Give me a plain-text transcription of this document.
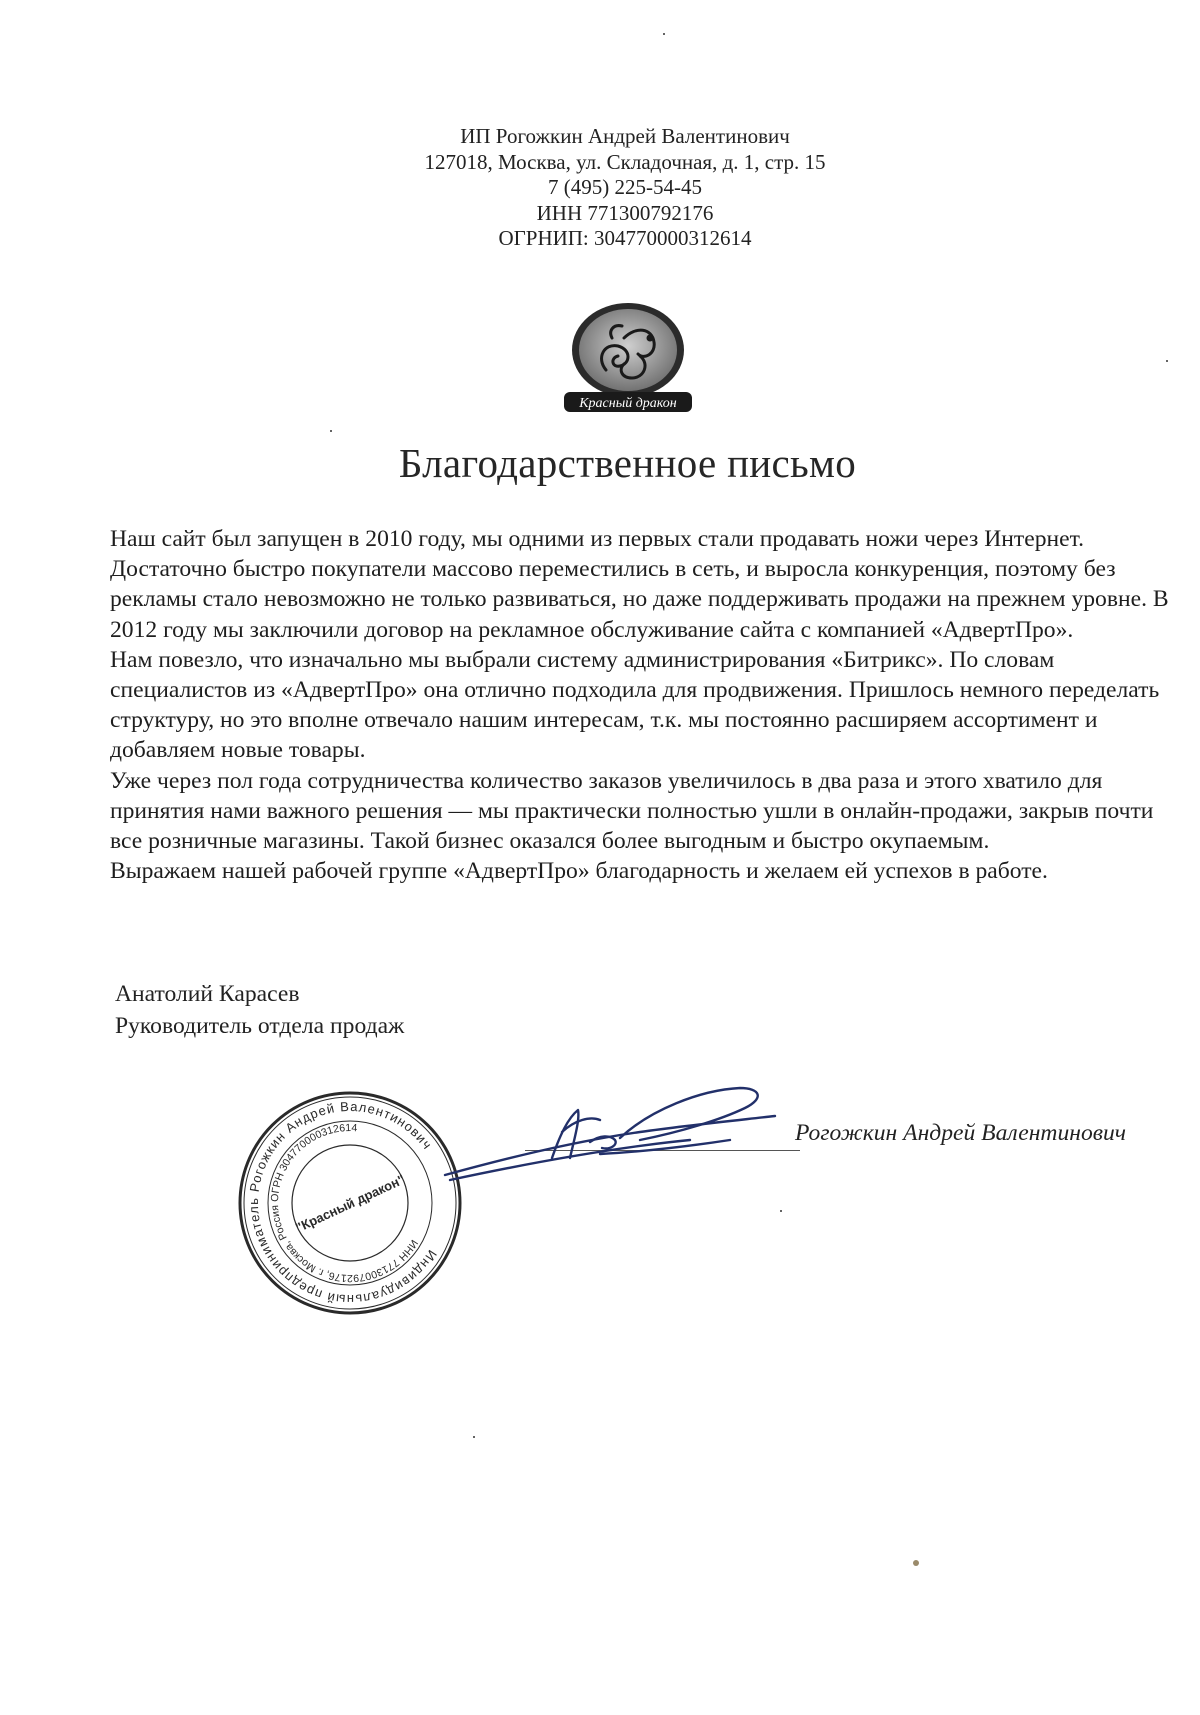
ИП Рогожкин Андрей Валентинович
127018, Москва, ул. Складочная, д. 1, стр. 15
7 (495) 225-54-45
ИНН 771300792176
ОГРНИП: 304770000312614
Красный дракон
Благодарственное письмо

Наш сайт был запущен в 2010 году, мы одними из первых стали продавать ножи через Интернет. Достаточно быстро покупатели массово переместились в сеть, и выросла конкуренция, поэтому без рекламы стало невозможно не только развиваться, но даже поддерживать продажи на прежнем уровне. В 2012 году мы заключили договор на рекламное обслуживание сайта с компанией «АдвертПро».

Нам повезло, что изначально мы выбрали систему администрирования «Битрикс». По словам специалистов из «АдвертПро» она отлично подходила для продвижения. Пришлось немного переделать структуру, но это вполне отвечало нашим интересам, т.к. мы постоянно расширяем ассортимент и добавляем новые товары.

Уже через пол года сотрудничества количество заказов увеличилось в два раза и этого хватило для принятия нами важного решения — мы практически полностью ушли в онлайн-продажи, закрыв почти все розничные магазины. Такой бизнес оказался более выгодным и быстро окупаемым.

Выражаем нашей рабочей группе «АдвертПро» благодарность и желаем ей успехов в работе.

Анатолий Карасев
Руководитель отдела продаж
Индивидуальный предприниматель Рогожкин Андрей Валентинович
ИНН 771300792176, г. Москва, Россия ОГРН 304770000312614
"Красный дракон"
Рогожкин Андрей Валентинович
